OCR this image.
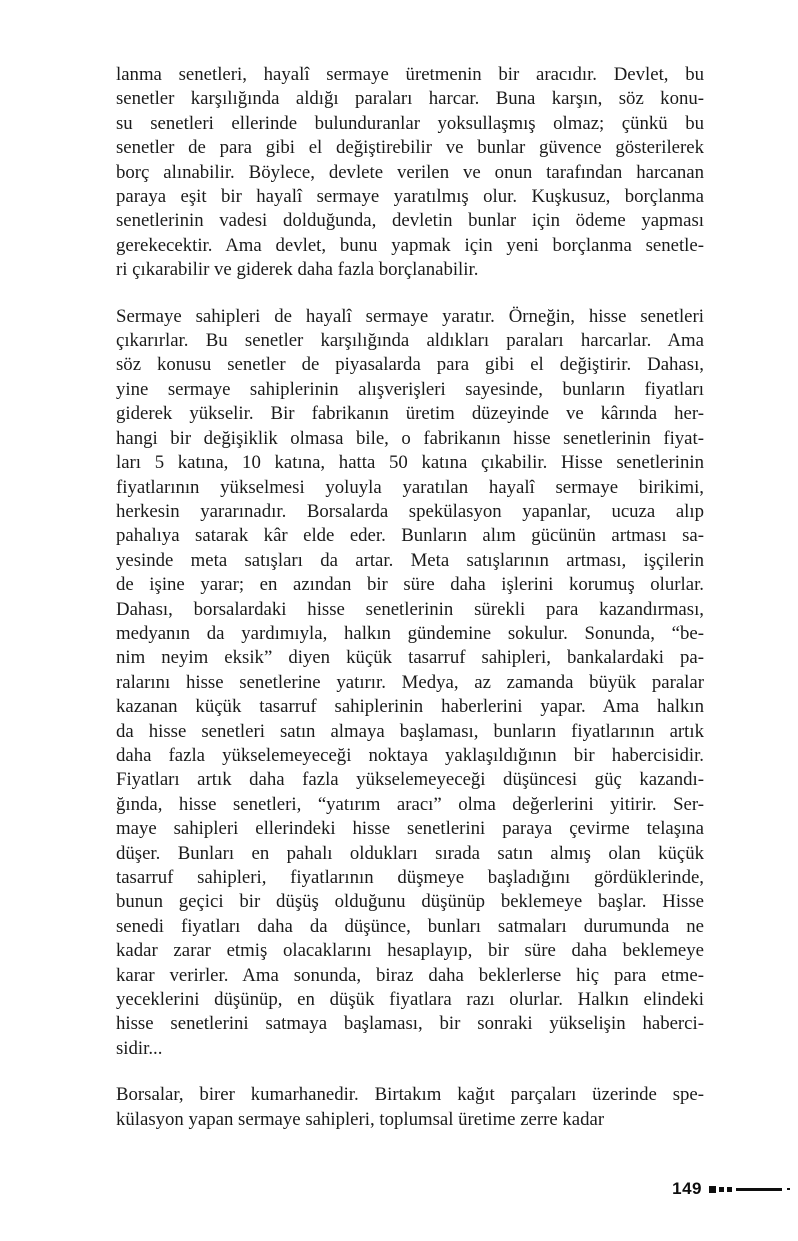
lanma senetleri, hayalî sermaye üretmenin bir aracıdır. Devlet, bu
senetler karşılığında aldığı paraları harcar. Buna karşın, söz konu-
su senetleri ellerinde bulunduranlar yoksullaşmış olmaz; çünkü bu
senetler de para gibi el değiştirebilir ve bunlar güvence gösterilerek
borç alınabilir. Böylece, devlete verilen ve onun tarafından harcanan
paraya eşit bir hayalî sermaye yaratılmış olur. Kuşkusuz, borçlanma
senetlerinin vadesi dolduğunda, devletin bunlar için ödeme yapması
gerekecektir. Ama devlet, bunu yapmak için yeni borçlanma senetle-
ri çıkarabilir ve giderek daha fazla borçlanabilir.
Sermaye sahipleri de hayalî sermaye yaratır. Örneğin, hisse senetleri
çıkarırlar. Bu senetler karşılığında aldıkları paraları harcarlar. Ama
söz konusu senetler de piyasalarda para gibi el değiştirir. Dahası,
yine sermaye sahiplerinin alışverişleri sayesinde, bunların fiyatları
giderek yükselir. Bir fabrikanın üretim düzeyinde ve kârında her-
hangi bir değişiklik olmasa bile, o fabrikanın hisse senetlerinin fiyat-
ları 5 katına, 10 katına, hatta 50 katına çıkabilir. Hisse senetlerinin
fiyatlarının yükselmesi yoluyla yaratılan hayalî sermaye birikimi,
herkesin yararınadır. Borsalarda spekülasyon yapanlar, ucuza alıp
pahalıya satarak kâr elde eder. Bunların alım gücünün artması sa-
yesinde meta satışları da artar. Meta satışlarının artması, işçilerin
de işine yarar; en azından bir süre daha işlerini korumuş olurlar.
Dahası, borsalardaki hisse senetlerinin sürekli para kazandırması,
medyanın da yardımıyla, halkın gündemine sokulur. Sonunda, “be-
nim neyim eksik” diyen küçük tasarruf sahipleri, bankalardaki pa-
ralarını hisse senetlerine yatırır. Medya, az zamanda büyük paralar
kazanan küçük tasarruf sahiplerinin haberlerini yapar. Ama halkın
da hisse senetleri satın almaya başlaması, bunların fiyatlarının artık
daha fazla yükselemeyeceği noktaya yaklaşıldığının bir habercisidir.
Fiyatları artık daha fazla yükselemeyeceği düşüncesi güç kazandı-
ğında, hisse senetleri, “yatırım aracı” olma değerlerini yitirir. Ser-
maye sahipleri ellerindeki hisse senetlerini paraya çevirme telaşına
düşer. Bunları en pahalı oldukları sırada satın almış olan küçük
tasarruf sahipleri, fiyatlarının düşmeye başladığını gördüklerinde,
bunun geçici bir düşüş olduğunu düşünüp beklemeye başlar. Hisse
senedi fiyatları daha da düşünce, bunları satmaları durumunda ne
kadar zarar etmiş olacaklarını hesaplayıp, bir süre daha beklemeye
karar verirler. Ama sonunda, biraz daha beklerlerse hiç para etme-
yeceklerini düşünüp, en düşük fiyatlara razı olurlar. Halkın elindeki
hisse senetlerini satmaya başlaması, bir sonraki yükselişin haberci-
sidir...
Borsalar, birer kumarhanedir. Birtakım kağıt parçaları üzerinde spe-
külasyon yapan sermaye sahipleri, toplumsal üretime zerre kadar
149
